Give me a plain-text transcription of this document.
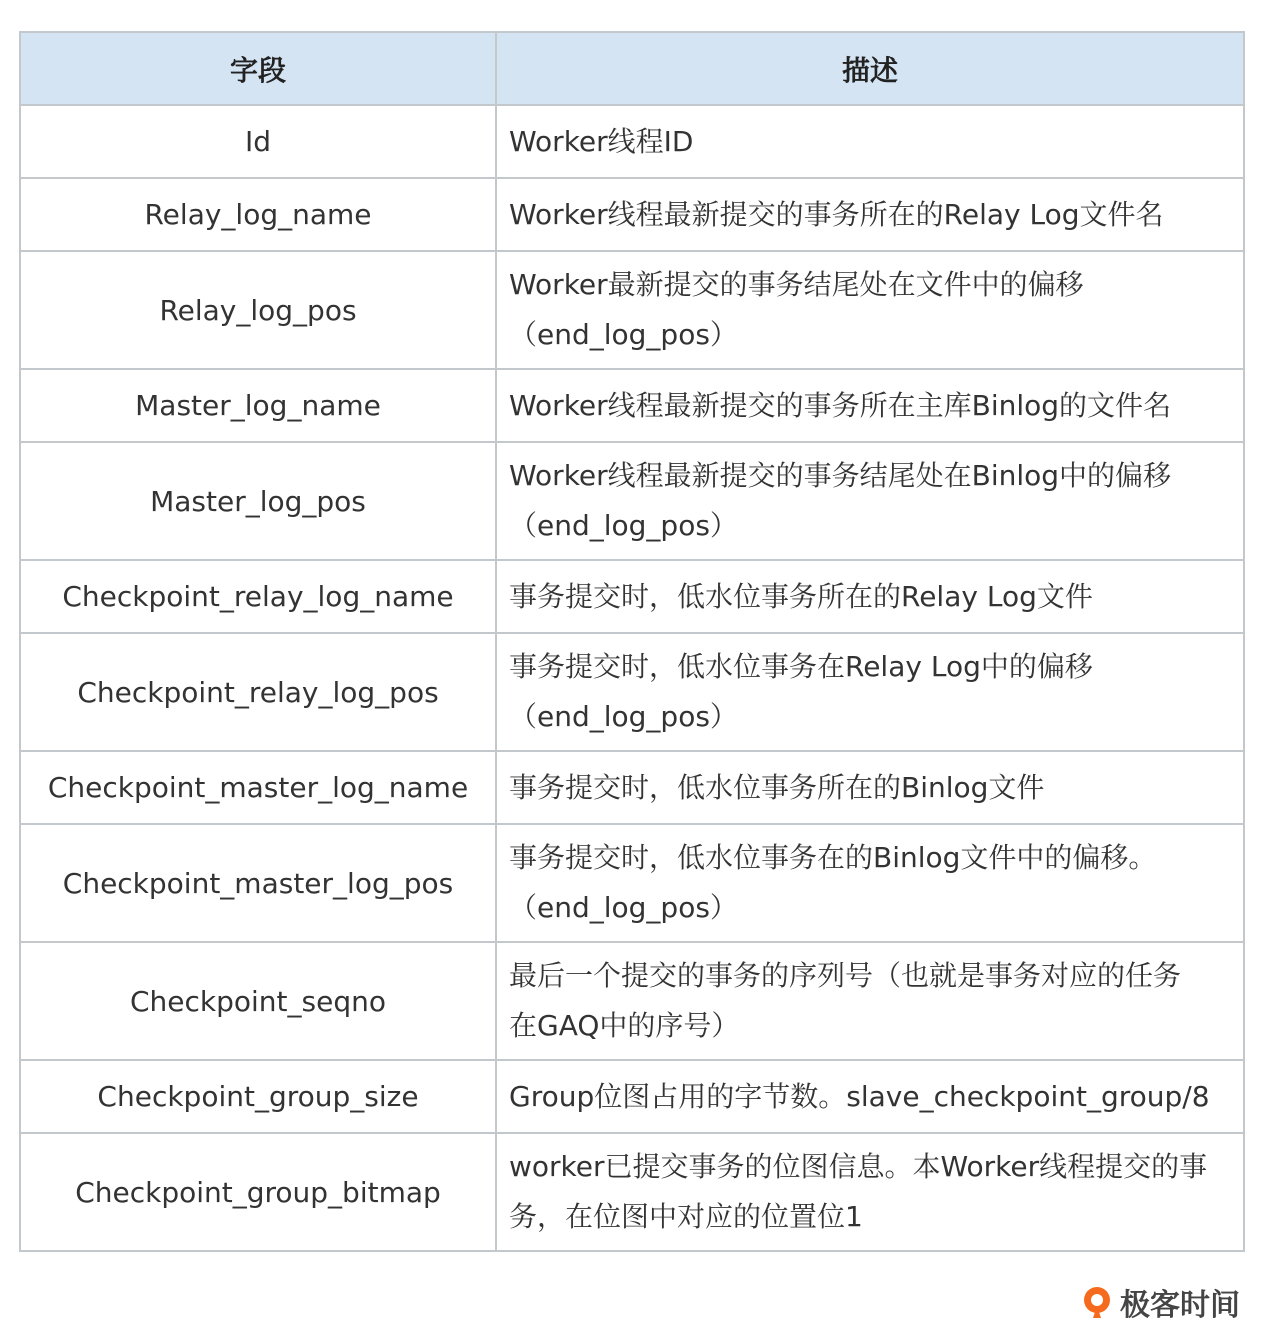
字段	描述
Id	Worker线程ID
Relay_log_name	Worker线程最新提交的事务所在的Relay Log文件名
Relay_log_pos	Worker最新提交的事务结尾处在文件中的偏移
（end_log_pos）
Master_log_name	Worker线程最新提交的事务所在主库Binlog的文件名
Master_log_pos	Worker线程最新提交的事务结尾处在Binlog中的偏移
（end_log_pos）
Checkpoint_relay_log_name	事务提交时，低水位事务所在的Relay Log文件
Checkpoint_relay_log_pos	事务提交时，低水位事务在Relay Log中的偏移
（end_log_pos）
Checkpoint_master_log_name	事务提交时，低水位事务所在的Binlog文件
Checkpoint_master_log_pos	事务提交时，低水位事务在的Binlog文件中的偏移。
（end_log_pos）
Checkpoint_seqno	最后一个提交的事务的序列号（也就是事务对应的任务
在GAQ中的序号）
Checkpoint_group_size	Group位图占用的字节数。slave_checkpoint_group/8
Checkpoint_group_bitmap	worker已提交事务的位图信息。本Worker线程提交的事
务，在位图中对应的位置位1
极客时间
